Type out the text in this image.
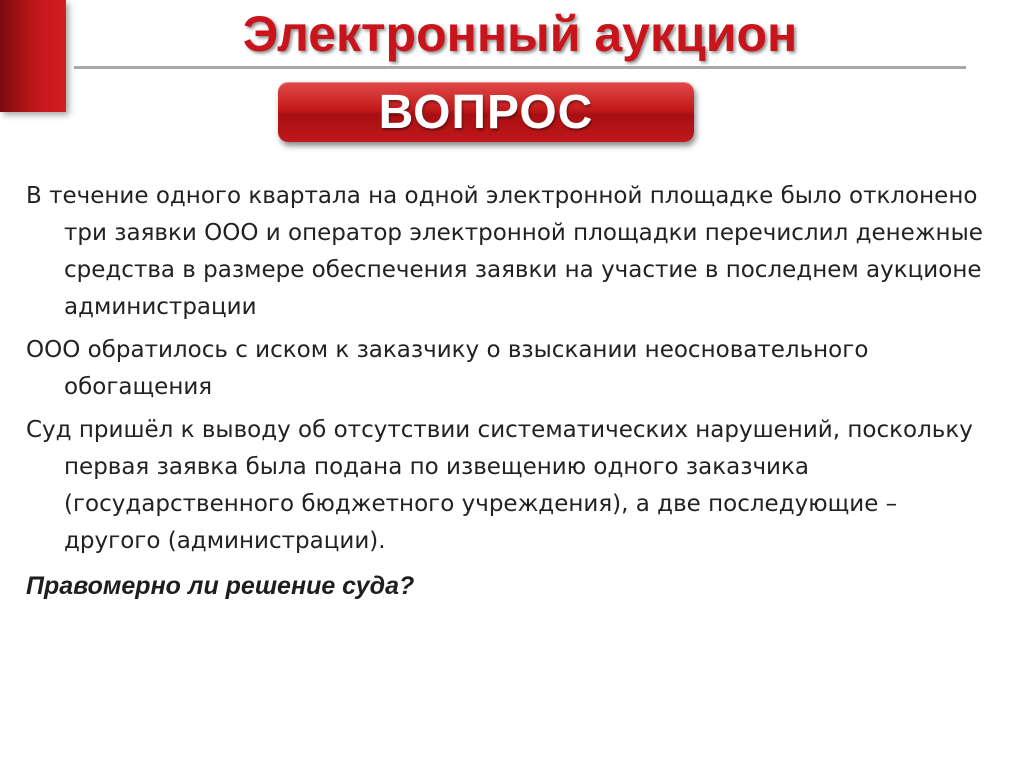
Электронный аукцион
ВОПРОС

В течение одного квартала на одной электронной площадке было отклонено три заявки ООО и оператор электронной площадки перечислил денежные средства в размере обеспечения заявки на участие в последнем аукционе администрации

ООО обратилось с иском к заказчику о взыскании неосновательного обогащения

Суд пришёл к выводу об отсутствии систематических нарушений, поскольку первая заявка была подана по извещению одного заказчика (государственного бюджетного учреждения), а две последующие – другого (администрации).

Правомерно ли решение суда?
